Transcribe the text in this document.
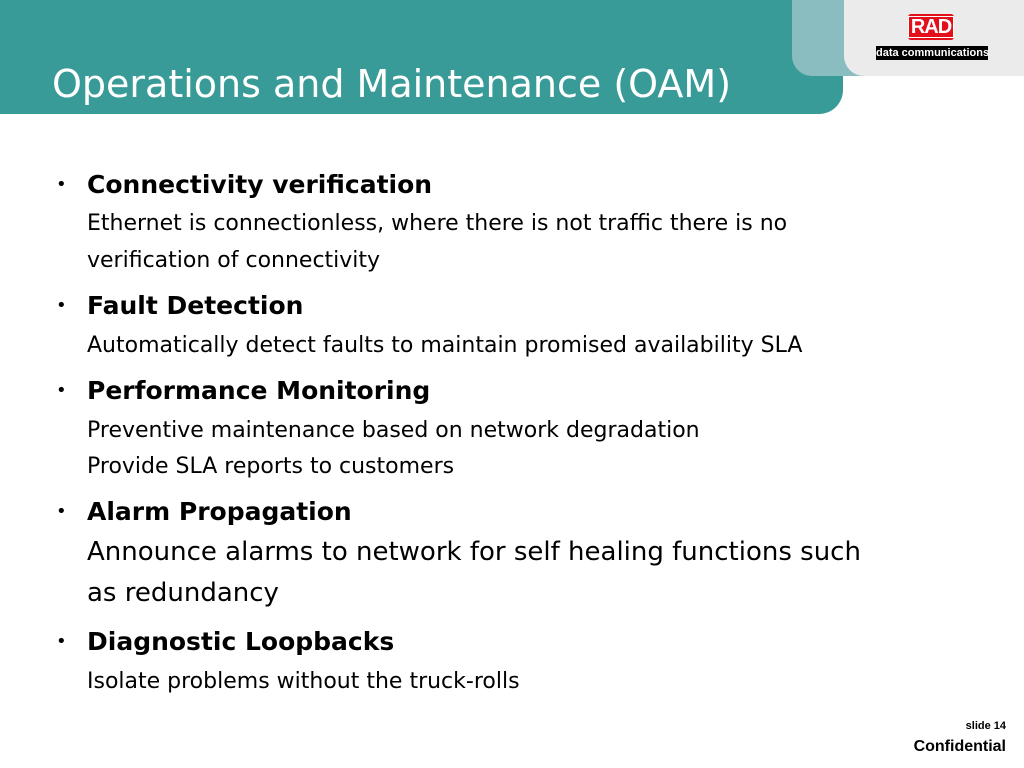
Operations and Maintenance (OAM)
RAD
data communications
• Connectivity verification
Ethernet is connectionless, where there is not traffic there is no
verification of connectivity
• Fault Detection
Automatically detect faults to maintain promised availability SLA
• Performance Monitoring
Preventive maintenance based on network degradation
Provide SLA reports to customers
• Alarm Propagation
Announce alarms to network for self healing functions such
as redundancy
• Diagnostic Loopbacks
Isolate problems without the truck-rolls
slide 14
Confidential
